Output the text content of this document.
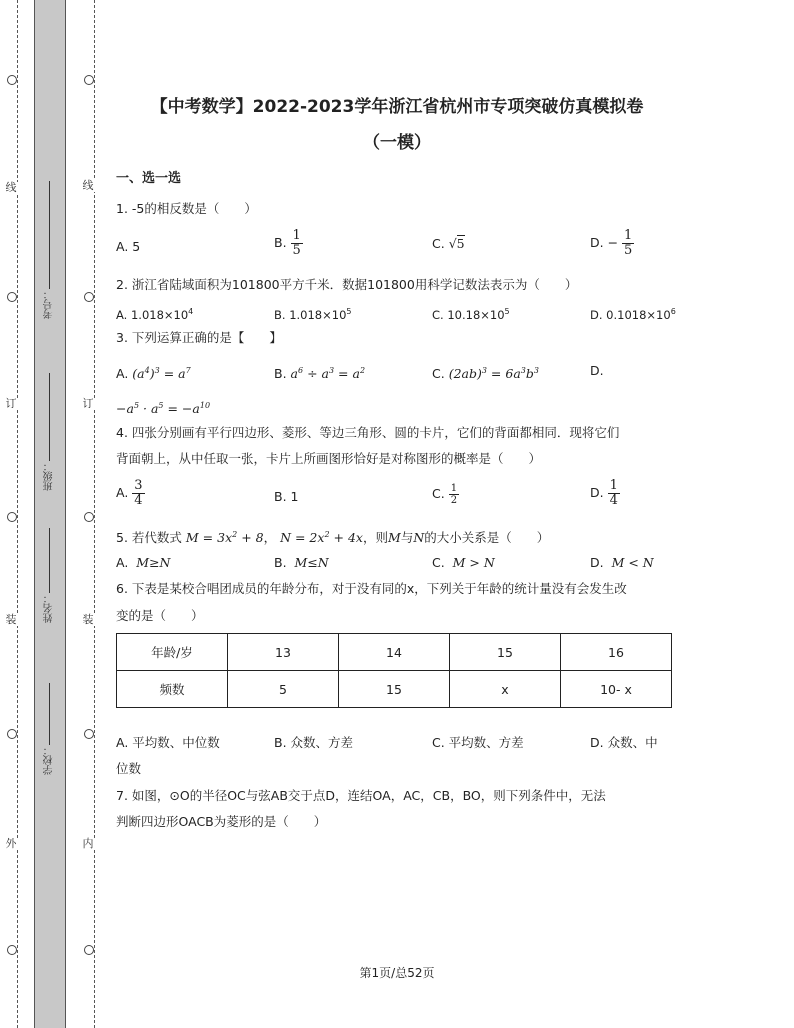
线
订
装
外
线
订
装
内
考号：
班级：
姓名：
学校：
【中考数学】2022-2023学年浙江省杭州市专项突破仿真模拟卷
（一模）
一、选一选
1. -5的相反数是（　　）
A. 5	B. $\frac{1}{5}$	C. √5	D. − $\frac{1}{5}$
2. 浙江省陆域面积为101800平方千米．数据101800用科学记数法表示为（　　）
A. $1.018\times 10^4$	B. $1.018\times 10^5$	C. $10.18\times 10^5$	D. $0.1018\times 10^6$
3. 下列运算正确的是【　　】
A. $(a^4)^3 = a^7$	B. $a^6 \div a^3 = a^2$	C. $(2ab)^3 = 6a^3b^3$	D.
$-a^5 \cdot a^5 = -a^{10}$
4. 四张分别画有平行四边形、菱形、等边三角形、圆的卡片，它们的背面都相同．现将它们
背面朝上，从中任取一张，卡片上所画图形恰好是对称图形的概率是（　　）
A. $\frac{3}{4}$	B. 1	C. $\frac{1}{2}$	D. $\frac{1}{4}$
5. 若代数式 $M = 3x^2 + 8$， $N = 2x^2 + 4x$，则M与N的大小关系是（　　）
A. M≥N	B. M≤N	C. M > N	D. M < N
6. 下表是某校合唱团成员的年龄分布，对于没有同的x，下列关于年龄的统计量没有会发生改
变的是（　　）
年龄/岁	13	14	15	16
频数	5	15	x	10- x
A. 平均数、中位数	B. 众数、方差	C. 平均数、方差	D. 众数、中
位数
7. 如图，⊙O的半径OC与弦AB交于点D，连结OA，AC，CB，BO，则下列条件中，无法
判断四边形OACB为菱形的是（　　）
第1页/总52页
